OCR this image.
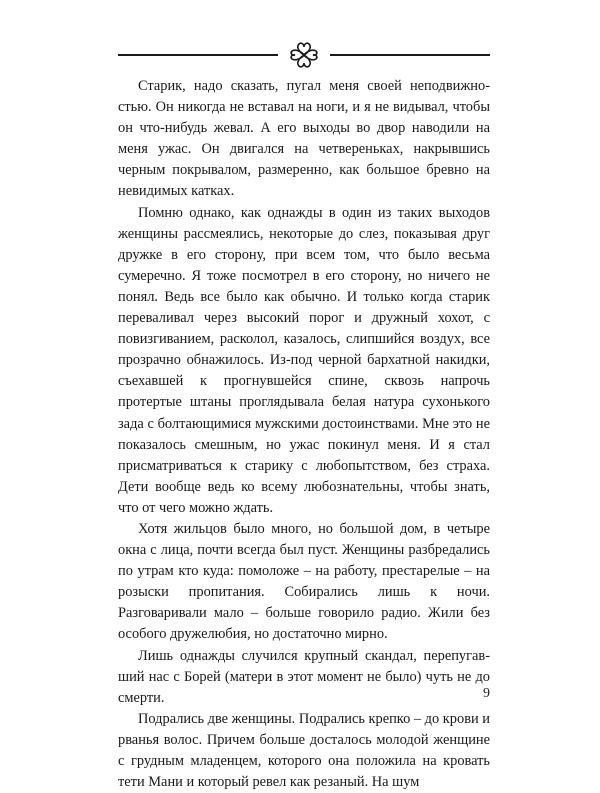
Старик, надо сказать, пугал меня своей неподвижностью. Он никогда не вставал на ноги, и я не видывал, чтобы он что-нибудь жевал. А его выходы во двор наводили на меня ужас. Он двигался на четвереньках, накрывшись черным покрывалом, размеренно, как большое бревно на невидимых катках.

Помню однако, как однажды в один из таких выходов женщины рассмеялись, некоторые до слез, показывая друг дружке в его сторону, при всем том, что было весьма сумеречно. Я тоже посмотрел в его сторону, но ничего не понял. Ведь все было как обычно. И только когда старик переваливал через высокий порог и дружный хохот, с повизгиванием, расколол, казалось, слипшийся воздух, все прозрачно обнажилось. Из-под черной бархатной накидки, съехавшей к прогнувшейся спине, сквозь напрочь протертые штаны проглядывала белая натура сухонького зада с болтающимися мужскими достоинствами. Мне это не показалось смешным, но ужас покинул меня. И я стал присматриваться к старику с любопытством, без страха. Дети вообще ведь ко всему любознательны, чтобы знать, что от чего можно ждать.

Хотя жильцов было много, но большой дом, в четыре окна с лица, почти всегда был пуст. Женщины разбредались по утрам кто куда: помоложе – на работу, престарелые – на розыски пропитания. Собирались лишь к ночи. Разговаривали мало – больше говорило радио. Жили без особого дружелюбия, но достаточно мирно.

Лишь однажды случился крупный скандал, перепугавший нас с Борей (матери в этот момент не было) чуть не до смерти.

Подрались две женщины. Подрались крепко – до крови и рванья волос. Причем больше досталось молодой женщине с грудным младенцем, которого она положила на кровать тети Мани и который ревел как резаный. На шум

9
